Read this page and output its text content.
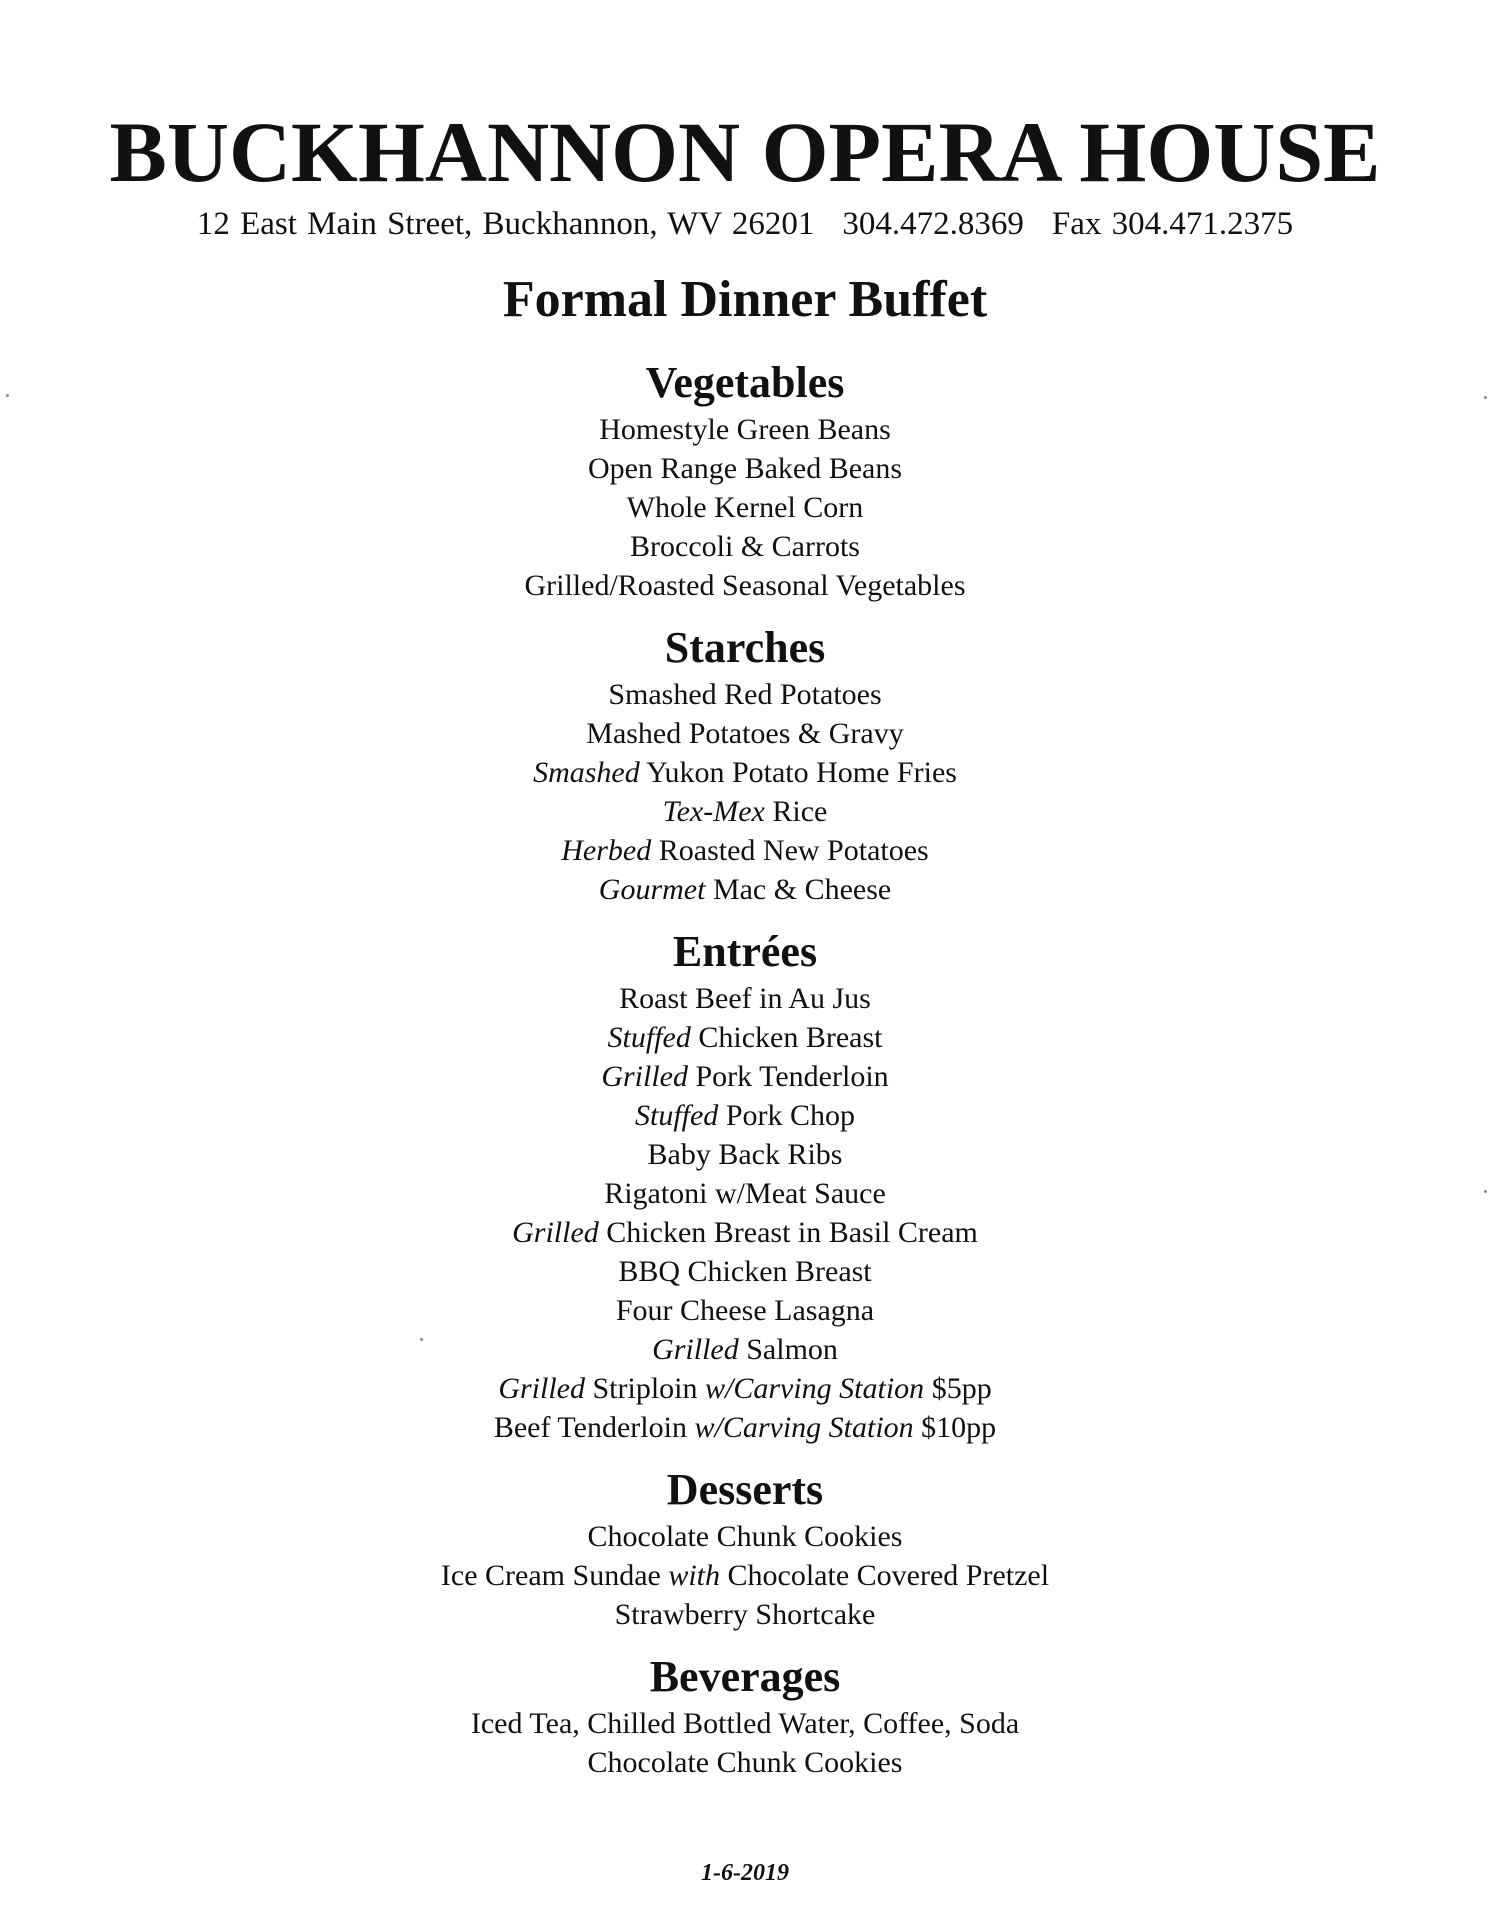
BUCKHANNON OPERA HOUSE

12 East Main Street, Buckhannon, WV 26201 304.472.8369 Fax 304.471.2375

Formal Dinner Buffet
Vegetables

Homestyle Green Beans

Open Range Baked Beans

Whole Kernel Corn

Broccoli & Carrots

Grilled/Roasted Seasonal Vegetables

Starches

Smashed Red Potatoes

Mashed Potatoes & Gravy

Smashed Yukon Potato Home Fries

Tex-Mex Rice

Herbed Roasted New Potatoes

Gourmet Mac & Cheese

Entrées

Roast Beef in Au Jus

Stuffed Chicken Breast

Grilled Pork Tenderloin

Stuffed Pork Chop

Baby Back Ribs

Rigatoni w/Meat Sauce

Grilled Chicken Breast in Basil Cream

BBQ Chicken Breast

Four Cheese Lasagna

Grilled Salmon

Grilled Striploin w/Carving Station $5pp

Beef Tenderloin w/Carving Station $10pp

Desserts

Chocolate Chunk Cookies

Ice Cream Sundae with Chocolate Covered Pretzel

Strawberry Shortcake

Beverages

Iced Tea, Chilled Bottled Water, Coffee, Soda

Chocolate Chunk Cookies

1-6-2019
